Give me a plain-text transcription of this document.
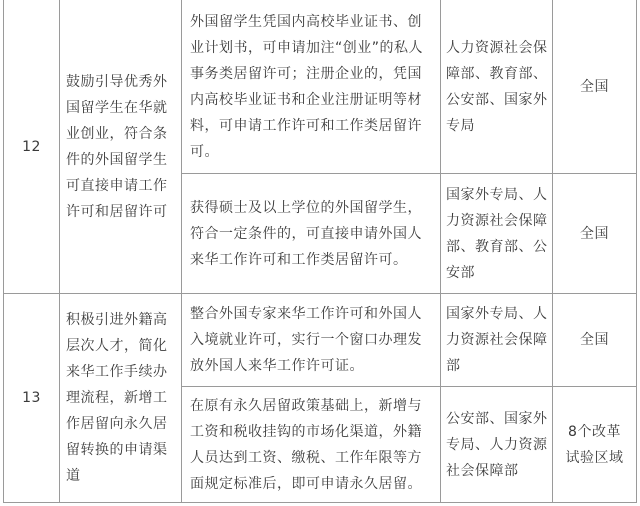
12
鼓励引导优秀外国留学生在华就业创业，符合条件的外国留学生可直接申请工作许可和居留许可
外国留学生凭国内高校毕业证书、创业计划书，可申请加注“创业”的私人事务类居留许可；注册企业的，凭国内高校毕业证书和企业注册证明等材料，可申请工作许可和工作类居留许可。
人力资源社会保障部、教育部、公安部、国家外专局
全国
获得硕士及以上学位的外国留学生，符合一定条件的，可直接申请外国人来华工作许可和工作类居留许可。
国家外专局、人力资源社会保障部、教育部、公安部
全国
13
积极引进外籍高层次人才，简化来华工作手续办理流程，新增工作居留向永久居留转换的申请渠道
整合外国专家来华工作许可和外国人入境就业许可，实行一个窗口办理发放外国人来华工作许可证。
国家外专局、人力资源社会保障部
全国
在原有永久居留政策基础上，新增与工资和税收挂钩的市场化渠道，外籍人员达到工资、缴税、工作年限等方面规定标准后，即可申请永久居留。
公安部、国家外专局、人力资源社会保障部
8个改革试验区域
